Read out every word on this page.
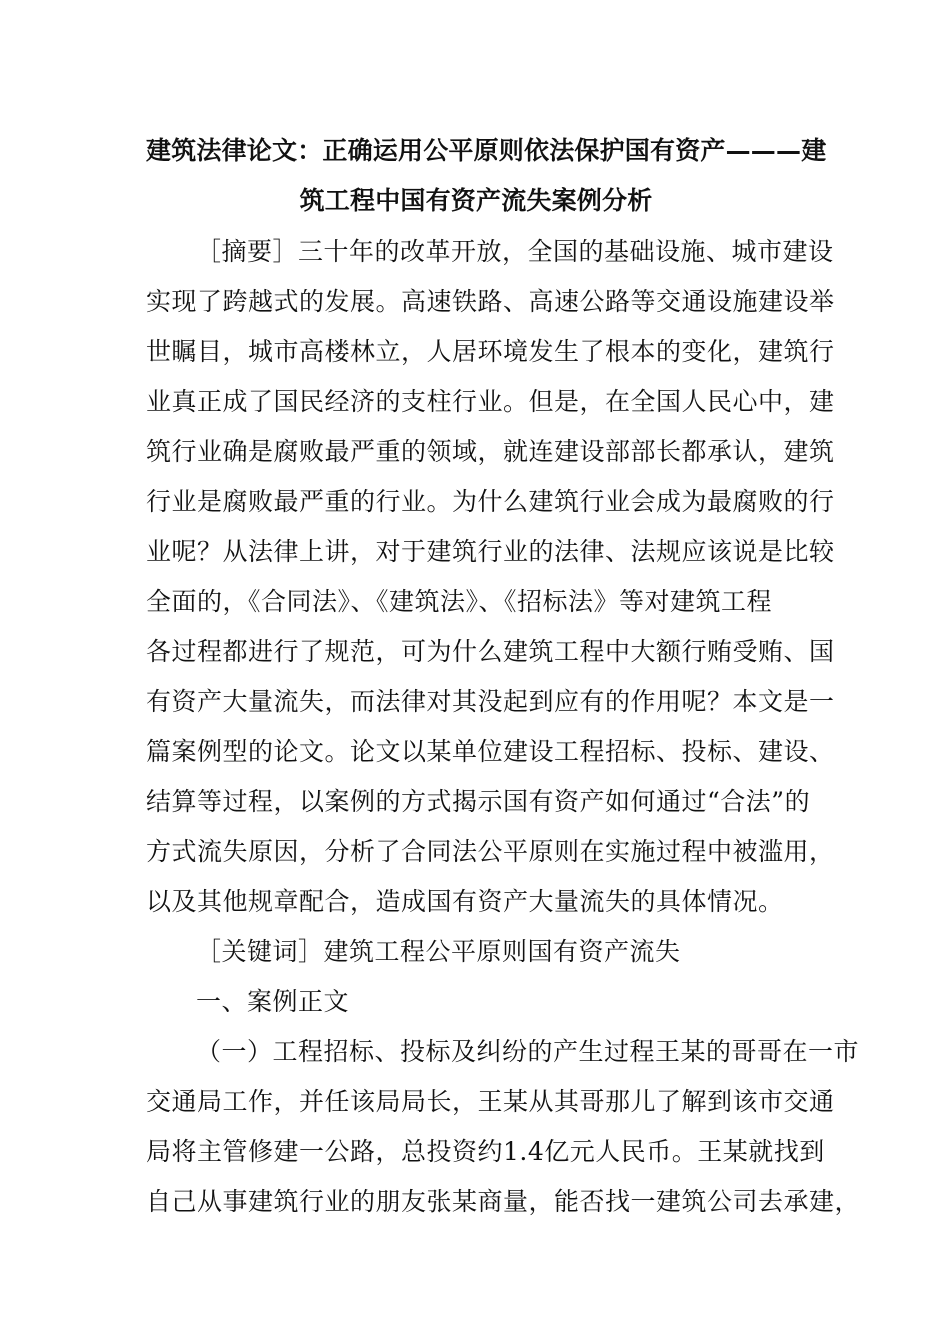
建筑法律论文：正确运用公平原则依法保护国有资产———建
筑工程中国有资产流失案例分析
［摘要］三十年的改革开放，全国的基础设施、城市建设
实现了跨越式的发展。高速铁路、高速公路等交通设施建设举
世瞩目，城市高楼林立，人居环境发生了根本的变化，建筑行
业真正成了国民经济的支柱行业。但是，在全国人民心中，建
筑行业确是腐败最严重的领域，就连建设部部长都承认，建筑
行业是腐败最严重的行业。为什么建筑行业会成为最腐败的行
业呢？从法律上讲，对于建筑行业的法律、法规应该说是比较
全面的，《合同法》、《建筑法》、《招标法》等对建筑工程
各过程都进行了规范，可为什么建筑工程中大额行贿受贿、国
有资产大量流失，而法律对其没起到应有的作用呢？本文是一
篇案例型的论文。论文以某单位建设工程招标、投标、建设、
结算等过程，以案例的方式揭示国有资产如何通过“合法”的
方式流失原因，分析了合同法公平原则在实施过程中被滥用，
以及其他规章配合，造成国有资产大量流失的具体情况。
［关键词］建筑工程公平原则国有资产流失
一、案例正文
（一）工程招标、投标及纠纷的产生过程王某的哥哥在一市
交通局工作，并任该局局长，王某从其哥那儿了解到该市交通
局将主管修建一公路，总投资约1.4亿元人民币。王某就找到
自己从事建筑行业的朋友张某商量，能否找一建筑公司去承建，
